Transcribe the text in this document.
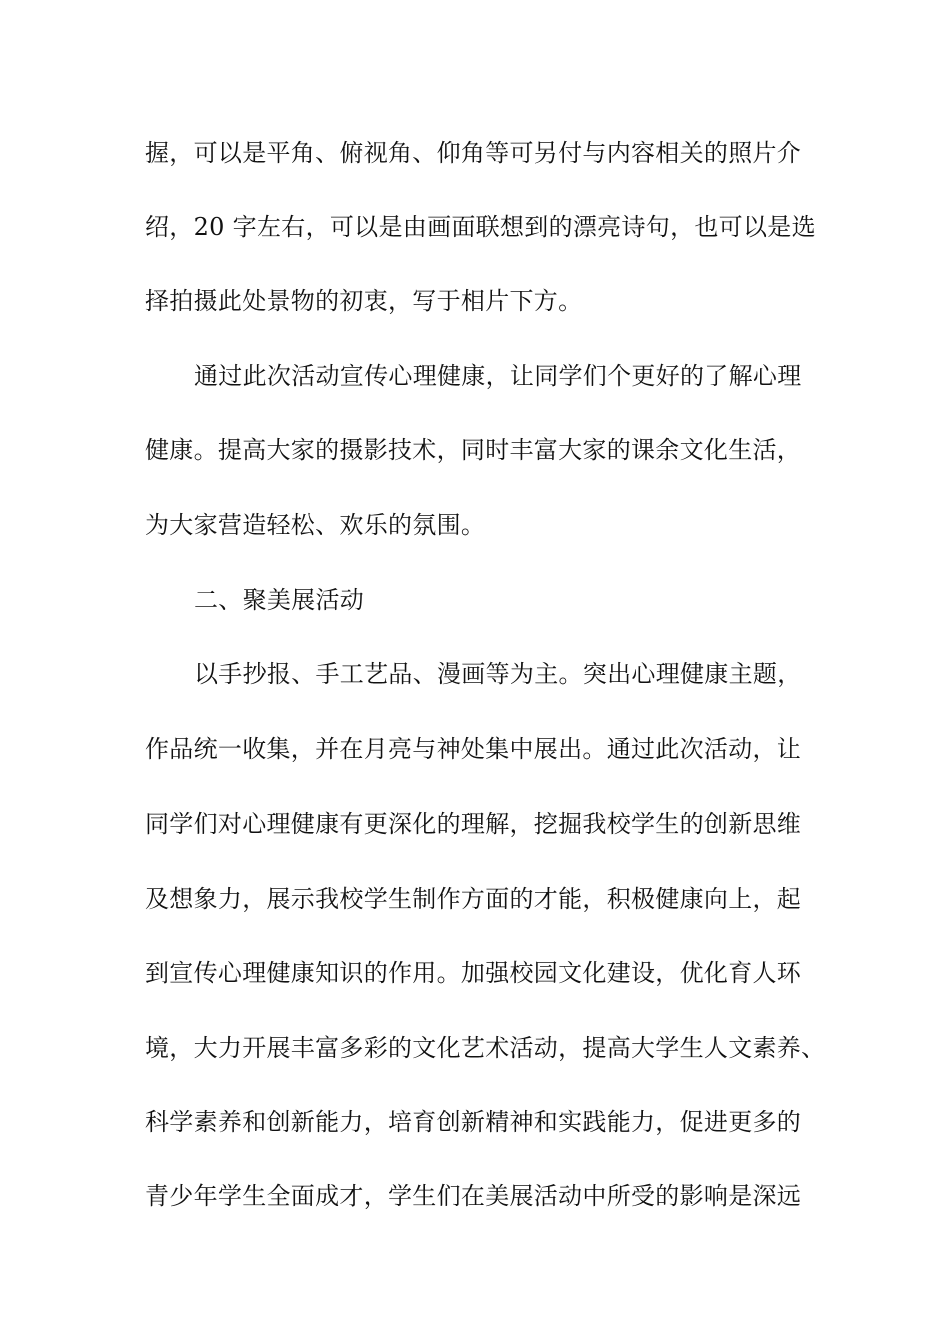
握，可以是平角、俯视角、仰角等可另付与内容相关的照片介
绍，20 字左右，可以是由画面联想到的漂亮诗句，也可以是选
择拍摄此处景物的初衷，写于相片下方。
通过此次活动宣传心理健康，让同学们个更好的了解心理
健康。提高大家的摄影技术，同时丰富大家的课余文化生活，
为大家营造轻松、欢乐的氛围。
二、聚美展活动
以手抄报、手工艺品、漫画等为主。突出心理健康主题，
作品统一收集，并在月亮与神处集中展出。通过此次活动，让
同学们对心理健康有更深化的理解，挖掘我校学生的创新思维
及想象力，展示我校学生制作方面的才能，积极健康向上，起
到宣传心理健康知识的作用。加强校园文化建设，优化育人环
境，大力开展丰富多彩的文化艺术活动，提高大学生人文素养、
科学素养和创新能力，培育创新精神和实践能力，促进更多的
青少年学生全面成才，学生们在美展活动中所受的影响是深远
